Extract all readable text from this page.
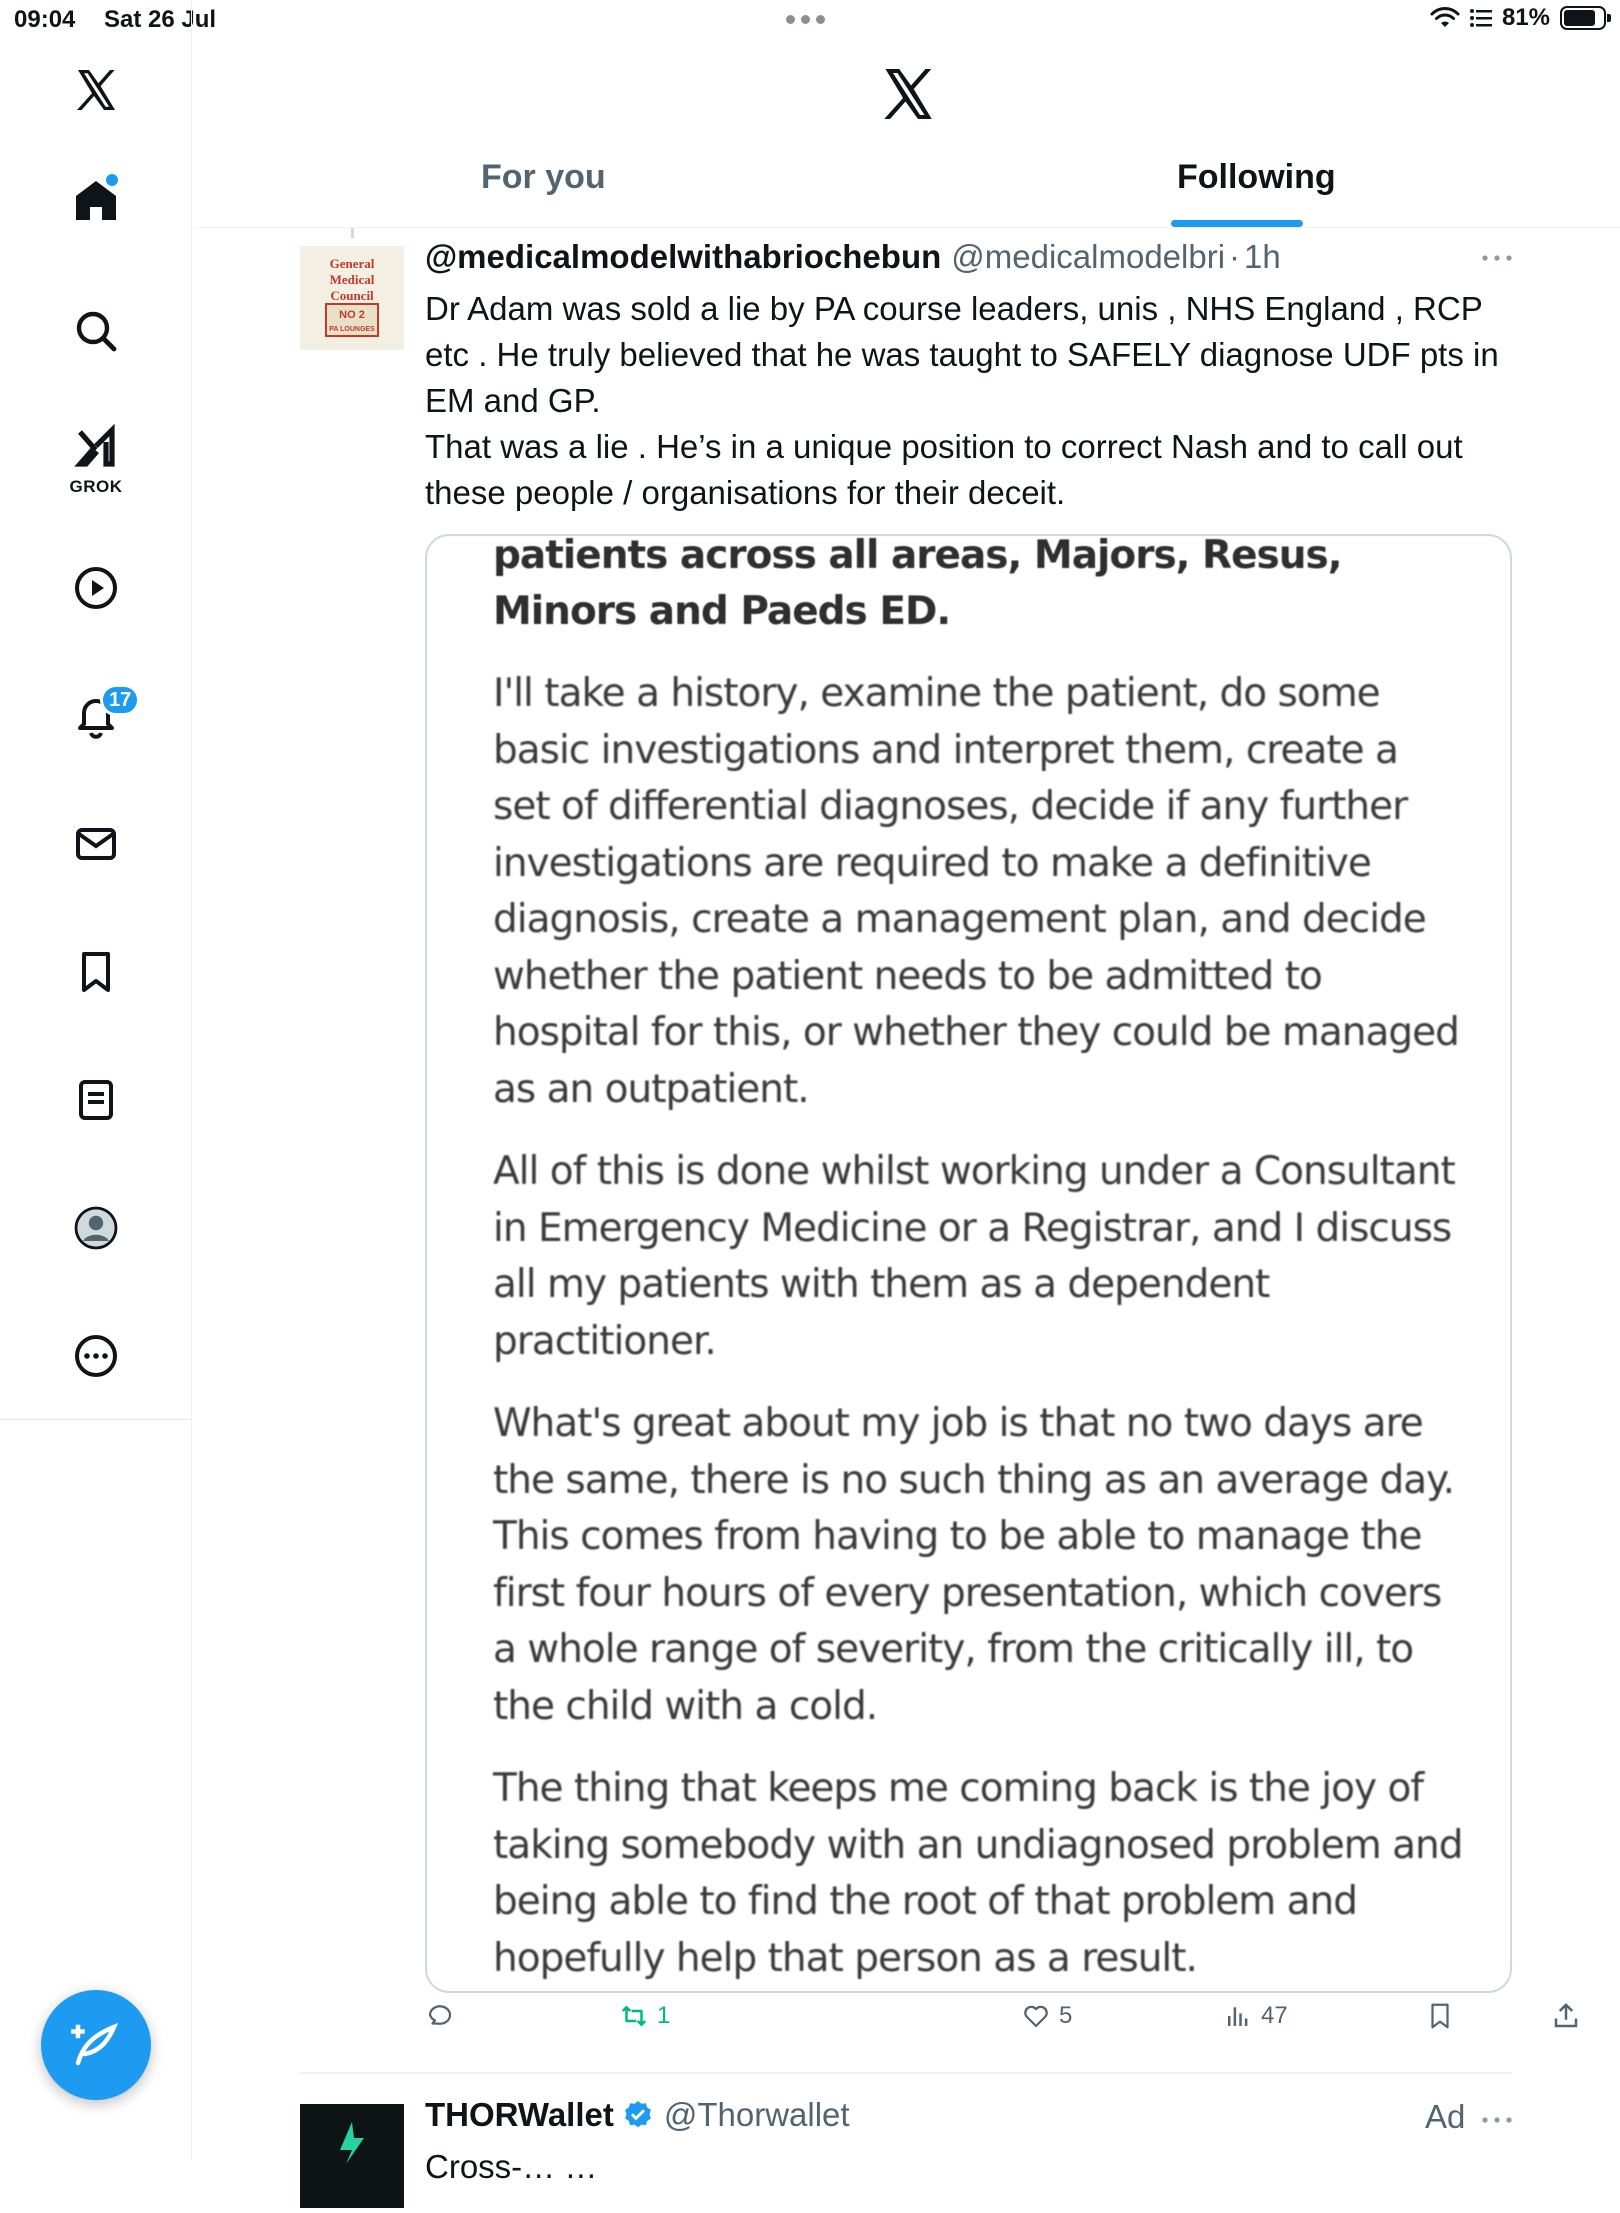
09:04 Sat 26 Jul	81%
GROK
17
For you	Following
General
Medical
Council
NO 2
PA LOUNGES
@medicalmodelwithabriochebun @medicalmodelbri · 1h

Dr Adam was sold a lie by PA course leaders, unis , NHS England , RCP etc . He truly believed that he was taught to SAFELY diagnose UDF pts in EM and GP.

That was a lie . He’s in a unique position to correct Nash and to call out these people / organisations for their deceit.

patients across all areas, Majors, Resus, Minors and Paeds ED.
I'll take a history, examine the patient, do some basic investigations and interpret them, create a set of differential diagnoses, decide if any further investigations are required to make a definitive diagnosis, create a management plan, and decide whether the patient needs to be admitted to hospital for this, or whether they could be managed as an outpatient.
All of this is done whilst working under a Consultant in Emergency Medicine or a Registrar, and I discuss all my patients with them as a dependent practitioner.
What's great about my job is that no two days are the same, there is no such thing as an average day. This comes from having to be able to manage the first four hours of every presentation, which covers a whole range of severity, from the critically ill, to the child with a cold.
The thing that keeps me coming back is the joy of taking somebody with an undiagnosed problem and being able to find the root of that problem and hopefully help that person as a result.
1	5	47
THORWallet @Thorwallet	Ad
Cross-… …
